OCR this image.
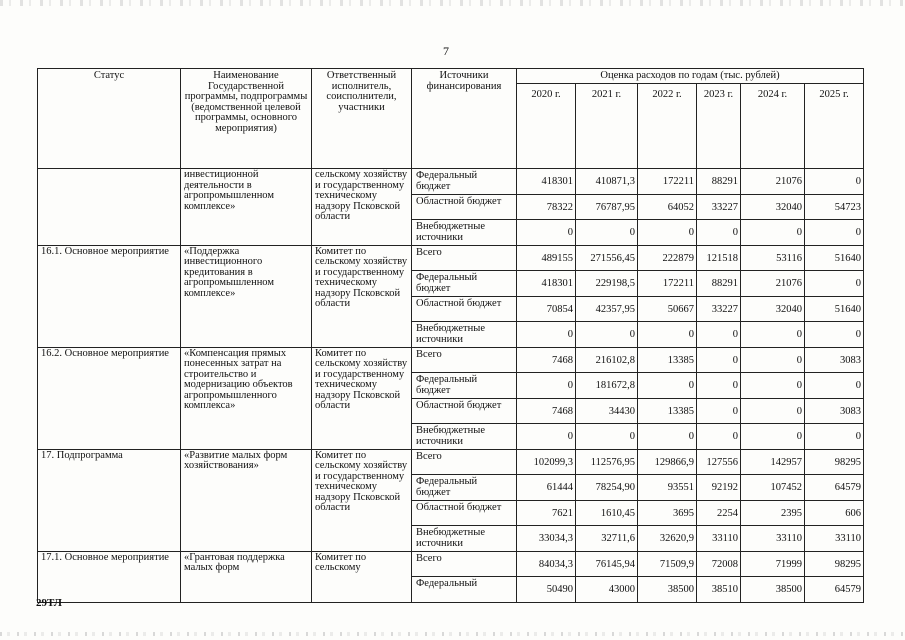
7
Статус	Наименование Государственной программы, подпрограммы (ведомственной целевой программы, основного мероприятия)	Ответственный исполнитель, соисполнители, участники	Источники финансирования	Оценка расходов по годам (тыс. рублей)					
				2020 г.	2021 г.	2022 г.	2023 г.	2024 г.	2025 г.
	инвестиционной деятельности в агропромышленном комплексе»	сельскому хозяйству и государственному техническому надзору Псковской области	Федеральный бюджет	418301	410871,3	172211	88291	21076	0
			Областной бюджет	78322	76787,95	64052	33227	32040	54723
			Внебюджетные источники	0	0	0	0	0	0
16.1. Основное мероприятие	«Поддержка инвестиционного кредитования в агропромышленном комплексе»	Комитет по сельскому хозяйству и государственному техническому надзору Псковской области	Всего	489155	271556,45	222879	121518	53116	51640
			Федеральный бюджет	418301	229198,5	172211	88291	21076	0
			Областной бюджет	70854	42357,95	50667	33227	32040	51640
			Внебюджетные источники	0	0	0	0	0	0
16.2. Основное мероприятие	«Компенсация прямых понесенных затрат на строительство и модернизацию объектов агропромышленного комплекса»	Комитет по сельскому хозяйству и государственному техническому надзору Псковской области	Всего	7468	216102,8	13385	0	0	3083
			Федеральный бюджет	0	181672,8	0	0	0	0
			Областной бюджет	7468	34430	13385	0	0	3083
			Внебюджетные источники	0	0	0	0	0	0
17. Подпрограмма	«Развитие малых форм хозяйствования»	Комитет по сельскому хозяйству и государственному техническому надзору Псковской области	Всего	102099,3	112576,95	129866,9	127556	142957	98295
			Федеральный бюджет	61444	78254,90	93551	92192	107452	64579
			Областной бюджет	7621	1610,45	3695	2254	2395	606
			Внебюджетные источники	33034,3	32711,6	32620,9	33110	33110	33110
17.1. Основное мероприятие	«Грантовая поддержка малых форм	Комитет по сельскому	Всего	84034,3	76145,94	71509,9	72008	71999	98295
			Федеральный	50490	43000	38500	38510	38500	64579
29ТЛ
